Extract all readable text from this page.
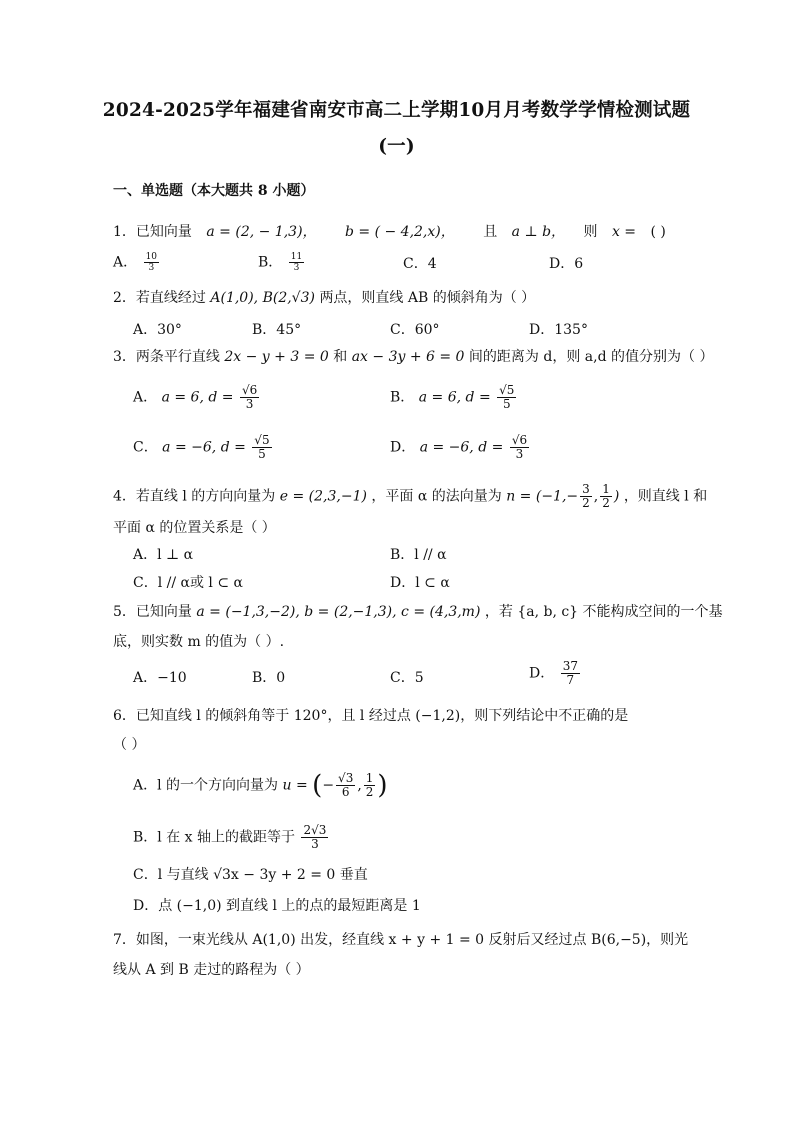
2024-2025学年福建省南安市高二上学期10月月考数学学情检测试题
(一)
一、单选题（本大题共 8 小题）
1．已知向量 a = (2, − 1,3)， b = ( − 4,2,x)， 且 a ⊥ b， 则 x = ( )
A． $\frac{10}{3}$	B． $\frac{11}{3}$	C．4	D．6
2．若直线经过 A(1,0), B(2,√3) 两点，则直线 AB 的倾斜角为（ ）
A．30°	B．45°	C．60°	D．135°
3．两条平行直线 2x − y + 3 = 0 和 ax − 3y + 6 = 0 间的距离为 d，则 a,d 的值分别为（ ）
A． a = 6, $d = \frac{√6}{3}$	B． a = 6, $d = \frac{√5}{5}$
C． a = −6, $d = \frac{√5}{5}$	D． a = −6, $d = \frac{√6}{3}$
4．若直线 l 的方向向量为 e = (2,3,−1) ，平面 α 的法向量为 $n = (-1,- \frac{3}{2}$ , $\frac{1}{2}$ ) ，则直线 l 和
平面 α 的位置关系是（ ）
A．l ⊥ α	B．l // α
C．l // α或 l ⊂ α	D．l ⊂ α
5．已知向量 a = (−1,3,−2), b = (2,−1,3), c = (4,3,m) ，若 {a, b, c} 不能构成空间的一个基
底，则实数 m 的值为（ ）.
A．−10	B．0	C．5	D． $\frac{37}{7}$
6．已知直线 l 的倾斜角等于 120°，且 l 经过点 (−1,2)，则下列结论中不正确的是
（ ）
A．l 的一个方向向量为 u = (− $\frac{√3}{6}$ , $\frac{1}{2}$ )
B．l 在 x 轴上的截距等于 $\frac{2√3}{3}$
C．l 与直线 √3x − 3y + 2 = 0 垂直
D．点 (−1,0) 到直线 l 上的点的最短距离是 1
7．如图，一束光线从 A(1,0) 出发，经直线 x + y + 1 = 0 反射后又经过点 B(6,−5)，则光
线从 A 到 B 走过的路程为（ ）
